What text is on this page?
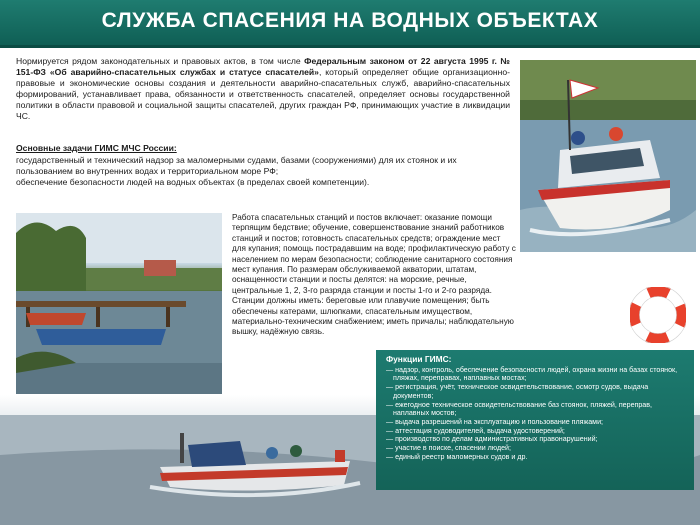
СЛУЖБА СПАСЕНИЯ НА ВОДНЫХ ОБЪЕКТАХ
Нормируется рядом законодательных и правовых актов, в том числе Федеральным законом от 22 августа 1995 г. № 151-ФЗ «Об аварийно-спасательных службах и статусе спасателей», который определяет общие организационно-правовые и экономические основы создания и деятельности аварийно-спасательных служб, аварийно-спасательных формирований, устанавливает права, обязанности и ответственность спасателей, определяет основы государственной политики в области правовой и социальной защиты спасателей, других граждан РФ, принимающих участие в ликвидации ЧС.
Основные задачи ГИМС МЧС России:
государственный и технический надзор за маломерными судами, базами (сооружениями) для их стоянок и их пользованием во внутренних водах и территориальном море РФ;
обеспечение безопасности людей на водных объектах (в пределах своей компетенции).
Работа спасательных станций и постов включает: оказание помощи терпящим бедствие; обучение, совершенствование знаний работников станций и постов; готовность спасательных средств; ограждение мест для купания; помощь пострадавшим на воде; профилактическую работу с населением по мерам безопасности; соблюдение санитарного состояния мест купания. По размерам обслуживаемой акватории, штатам, оснащенности станции и посты делятся: на морские, речные, центральные 1, 2, 3-го разряда станции и посты 1-го и 2-го разряда.
Станции должны иметь: береговые или плавучие помещения; быть обеспечены катерами, шлюпками, спасательным имуществом, материально-техническим снабжением; иметь причалы; наблюдательную вышку, надёжную связь.
Функции ГИМС:
— надзор, контроль, обеспечение безопасности людей, охрана жизни на базах стоянок, пляжах, переправах, наплавных мостах;
— регистрация, учёт, техническое освидетельствование, осмотр судов, выдача документов;
— ежегодное техническое освидетельствование баз стоянок, пляжей, переправ, наплавных мостов;
— выдача разрешений на эксплуатацию и пользование пляжами;
— аттестация судоводителей, выдача удостоверений;
— производство по делам административных правонарушений;
— участие в поиске, спасении людей;
— единый реестр маломерных судов и др.
